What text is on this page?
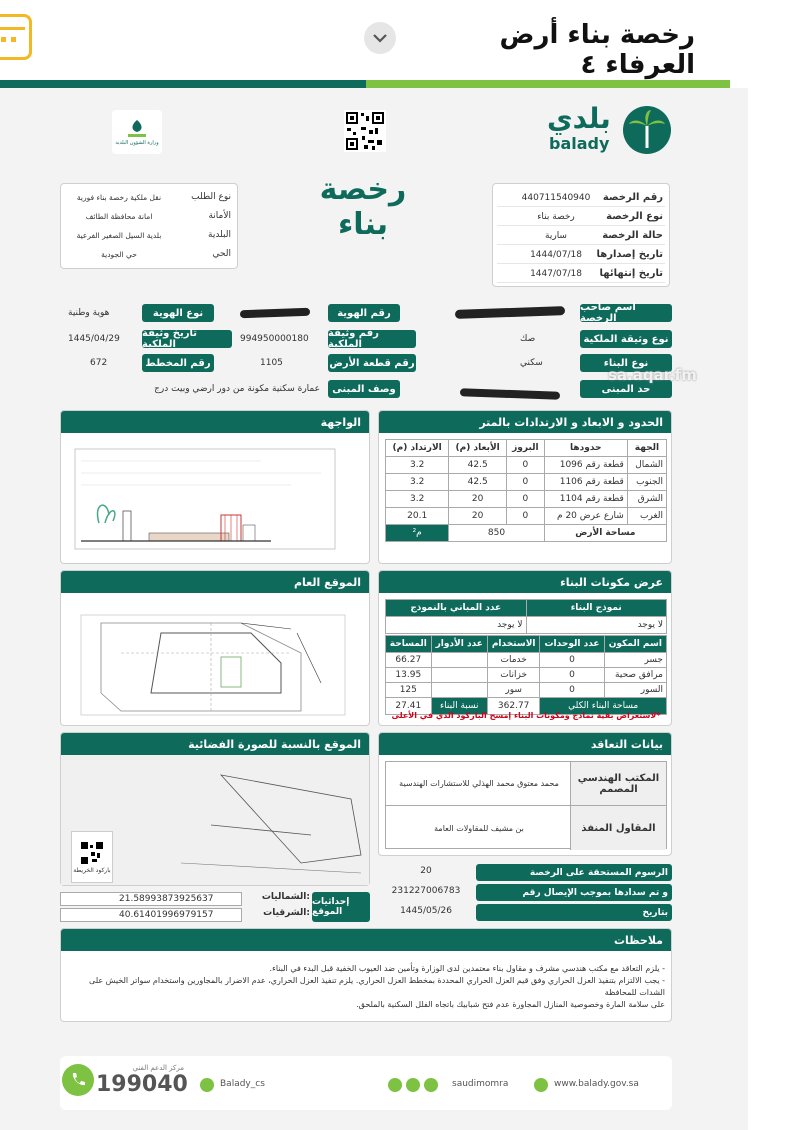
رخصة بناء أرض العرفاء ٤
وزارة الشؤون البلدية
بلدي
balady
رخصة بناء
رقم الرخصة
440711540940
نوع الرخصة
رخصة بناء
حالة الرخصة
سارية
تاريخ إصدارها
1444/07/18
تاريخ إنتهائها
1447/07/18
نوع الطلب
نقل ملكية رخصة بناء فورية
الأمانة
امانة محافظة الطائف
البلدية
بلدية السيل الصغير الفرعية
الحي
حي الجودية
اسم صاحب الرخصة
رقم الهوية
نوع الهوية
هوية وطنية
نوع وثيقة الملكية
صك
رقم وثيقة الملكية
994950000180
تاريخ وثيقة الملكية
1445/04/29
نوع البناء
سكني
رقم قطعة الأرض
1105
رقم المخطط
672
حد المبنى
وصف المبنى
عمارة سكنية مكونة من دور ارضي وبيت درج
sa.aqar.fm
الواجهة	الحدود و الابعاد و الارتدادات بالمتر
الجهة	حدودها	البروز	الأبعاد (م)	الارتداد (م)
الشمال	قطعة رقم 1096	0	42.5	3.2
الجنوب	قطعة رقم 1106	0	42.5	3.2
الشرق	قطعة رقم 1104	0	20	3.2
الغرب	شارع عرض 20 م	0	20	20.1
مساحة الأرض		850		م²
الموقع العام	عرض مكونات البناء
نموذج البناء	عدد المباني بالنموذج
لا يوجد	لا يوجد
اسم المكون	عدد الوحدات	الاستخدام	عدد الأدوار	المساحة
جسر	0	خدمات		66.27
مرافق صحية	0	خزانات		13.95
السور	0	سور		125
مساحة البناء الكلي		362.77	نسبة البناء	27.41
*لاستعراض بقية نماذج ومكونات البناء إمسح الباركود الذي في الأعلى
الموقع بالنسبة للصورة الفضائية
باركود الخريطة
بيانات التعاقد
المكتب الهندسي المصمم
محمد معتوق محمد الهذلي للاستشارات الهندسية
المقاول المنفذ
بن مشيف للمقاولات العامة
الرسوم المستحقة على الرخصة
20
و تم سدادها بموجب الإيصال رقم
231227006783
بتاريخ
1445/05/26
إحداثيات الموقع
الشماليات:
21.58993873925637
الشرقيات:
40.61401996979157
ملاحظات
- يلزم التعاقد مع مكتب هندسي مشرف و مقاول بناء معتمدين لدى الوزارة وتأمين ضد العيوب الخفية قبل البدء في البناء.
- يجب الالتزام بتنفيذ العزل الحراري وفق قيم العزل الحراري المحددة بمخطط العزل الحراري. يلزم تنفيذ العزل الحراري، عدم الاضرار بالمجاورين واستخدام سواتر الخيش على الشدات للمحافظة
على سلامة المارة وخصوصية المنازل المجاورة عدم فتح شبابيك باتجاه الفلل السكنية بالملحق.
مركز الدعم الفني
199040	Balady_cs	saudimomra	www.balady.gov.sa
